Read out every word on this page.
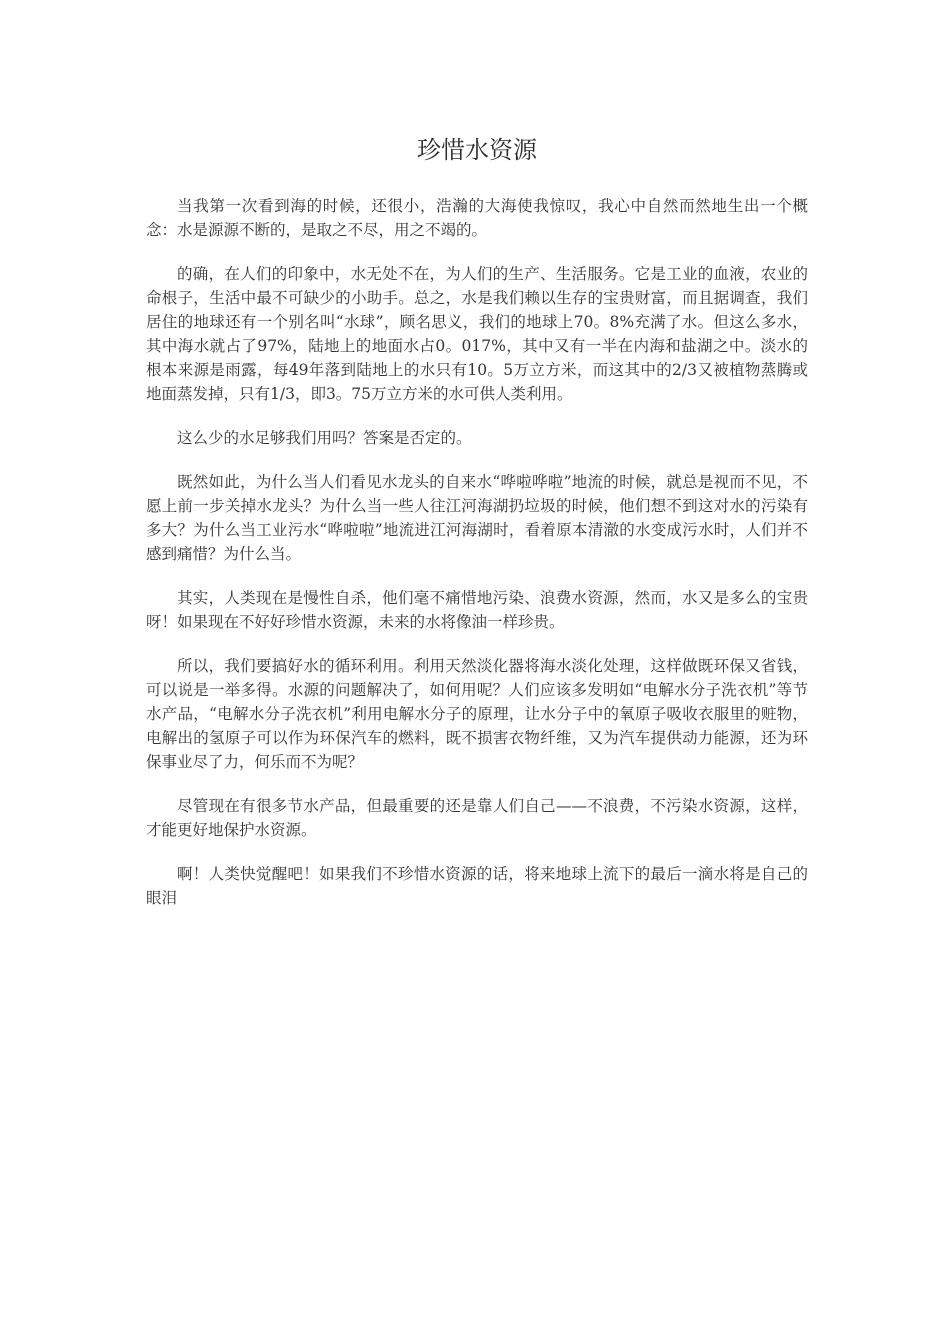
珍惜水资源

当我第一次看到海的时候，还很小，浩瀚的大海使我惊叹，我心中自然而然地生出一个概念：水是源源不断的，是取之不尽，用之不竭的。

的确，在人们的印象中，水无处不在，为人们的生产、生活服务。它是工业的血液，农业的命根子，生活中最不可缺少的小助手。总之，水是我们赖以生存的宝贵财富，而且据调查，我们居住的地球还有一个别名叫“水球”，顾名思义，我们的地球上70。8%充满了水。但这么多水，其中海水就占了97%，陆地上的地面水占0。017%，其中又有一半在内海和盐湖之中。淡水的根本来源是雨露，每49年落到陆地上的水只有10。5万立方米，而这其中的2/3又被植物蒸腾或地面蒸发掉，只有1/3，即3。75万立方米的水可供人类利用。

这么少的水足够我们用吗？答案是否定的。

既然如此，为什么当人们看见水龙头的自来水“哗啦哗啦”地流的时候，就总是视而不见，不愿上前一步关掉水龙头？为什么当一些人往江河海湖扔垃圾的时候，他们想不到这对水的污染有多大？为什么当工业污水“哗啦啦”地流进江河海湖时，看着原本清澈的水变成污水时，人们并不感到痛惜？为什么当。

其实，人类现在是慢性自杀，他们毫不痛惜地污染、浪费水资源，然而，水又是多么的宝贵呀！如果现在不好好珍惜水资源，未来的水将像油一样珍贵。

所以，我们要搞好水的循环利用。利用天然淡化器将海水淡化处理，这样做既环保又省钱，可以说是一举多得。水源的问题解决了，如何用呢？人们应该多发明如“电解水分子洗衣机”等节水产品，“电解水分子洗衣机”利用电解水分子的原理，让水分子中的氧原子吸收衣服里的赃物，电解出的氢原子可以作为环保汽车的燃料，既不损害衣物纤维，又为汽车提供动力能源，还为环保事业尽了力，何乐而不为呢？

尽管现在有很多节水产品，但最重要的还是靠人们自己——不浪费，不污染水资源，这样，才能更好地保护水资源。

啊！人类快觉醒吧！如果我们不珍惜水资源的话，将来地球上流下的最后一滴水将是自己的眼泪
